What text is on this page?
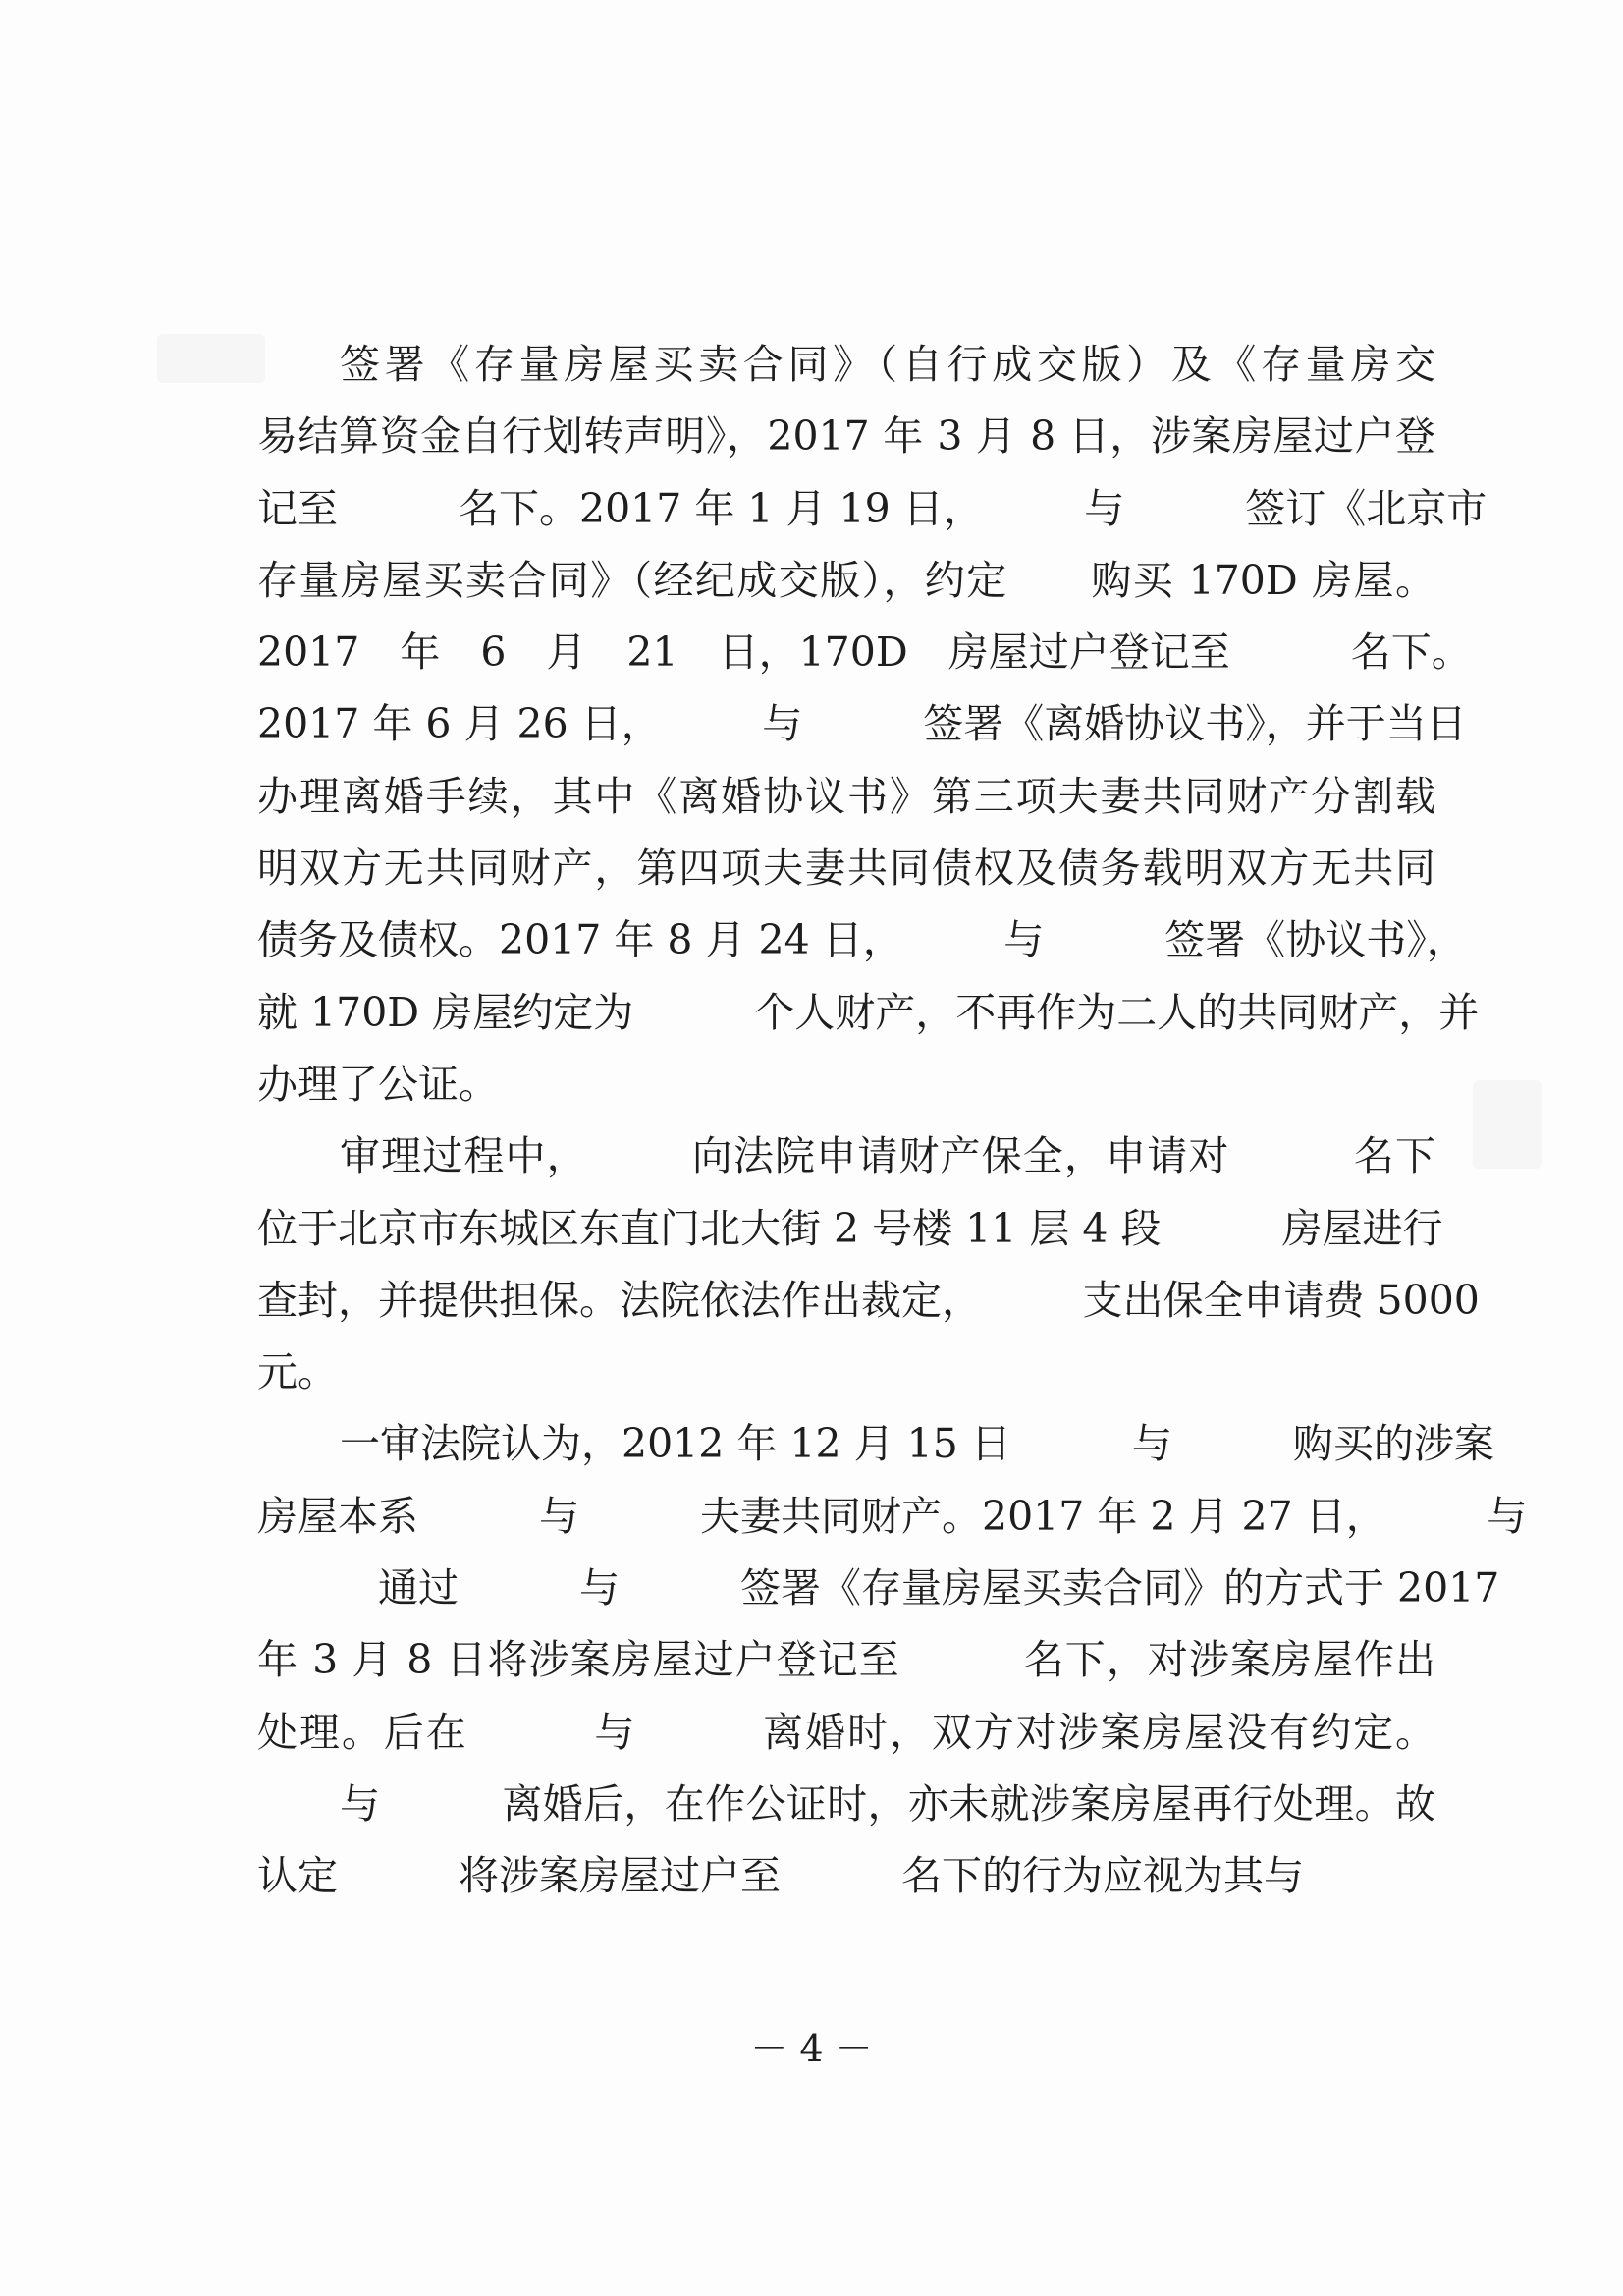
签署《存量房屋买卖合同》（自行成交版）及《存量房交
易结算资金自行划转声明》，2017 年 3 月 8 日，涉案房屋过户登
记至　　　名下。2017 年 1 月 19 日，　　　与　　　签订《北京市
存量房屋买卖合同》（经纪成交版），约定　　购买 170D 房屋。
2017　年　6　月　21　日，170D　房屋过户登记至　　　名下。
2017 年 6 月 26 日，　　　与　　　签署《离婚协议书》，并于当日
办理离婚手续，其中《离婚协议书》第三项夫妻共同财产分割载
明双方无共同财产，第四项夫妻共同债权及债务载明双方无共同
债务及债权。2017 年 8 月 24 日，　　　与　　　签署《协议书》，
就 170D 房屋约定为　　　个人财产，不再作为二人的共同财产，并
办理了公证。
审理过程中，　　　向法院申请财产保全，申请对　　　名下
位于北京市东城区东直门北大街 2 号楼 11 层 4 段　　　房屋进行
查封，并提供担保。法院依法作出裁定，　　　支出保全申请费 5000
元。
一审法院认为，2012 年 12 月 15 日　　　与　　　购买的涉案
房屋本系　　　与　　　夫妻共同财产。2017 年 2 月 27 日，　　　与
　　　通过　　　与　　　签署《存量房屋买卖合同》的方式于 2017
年 3 月 8 日将涉案房屋过户登记至　　　名下，对涉案房屋作出
处理。后在　　　与　　　离婚时，双方对涉案房屋没有约定。
与　　　离婚后，在作公证时，亦未就涉案房屋再行处理。故
认定　　　将涉案房屋过户至　　　名下的行为应视为其与
－ 4 －
